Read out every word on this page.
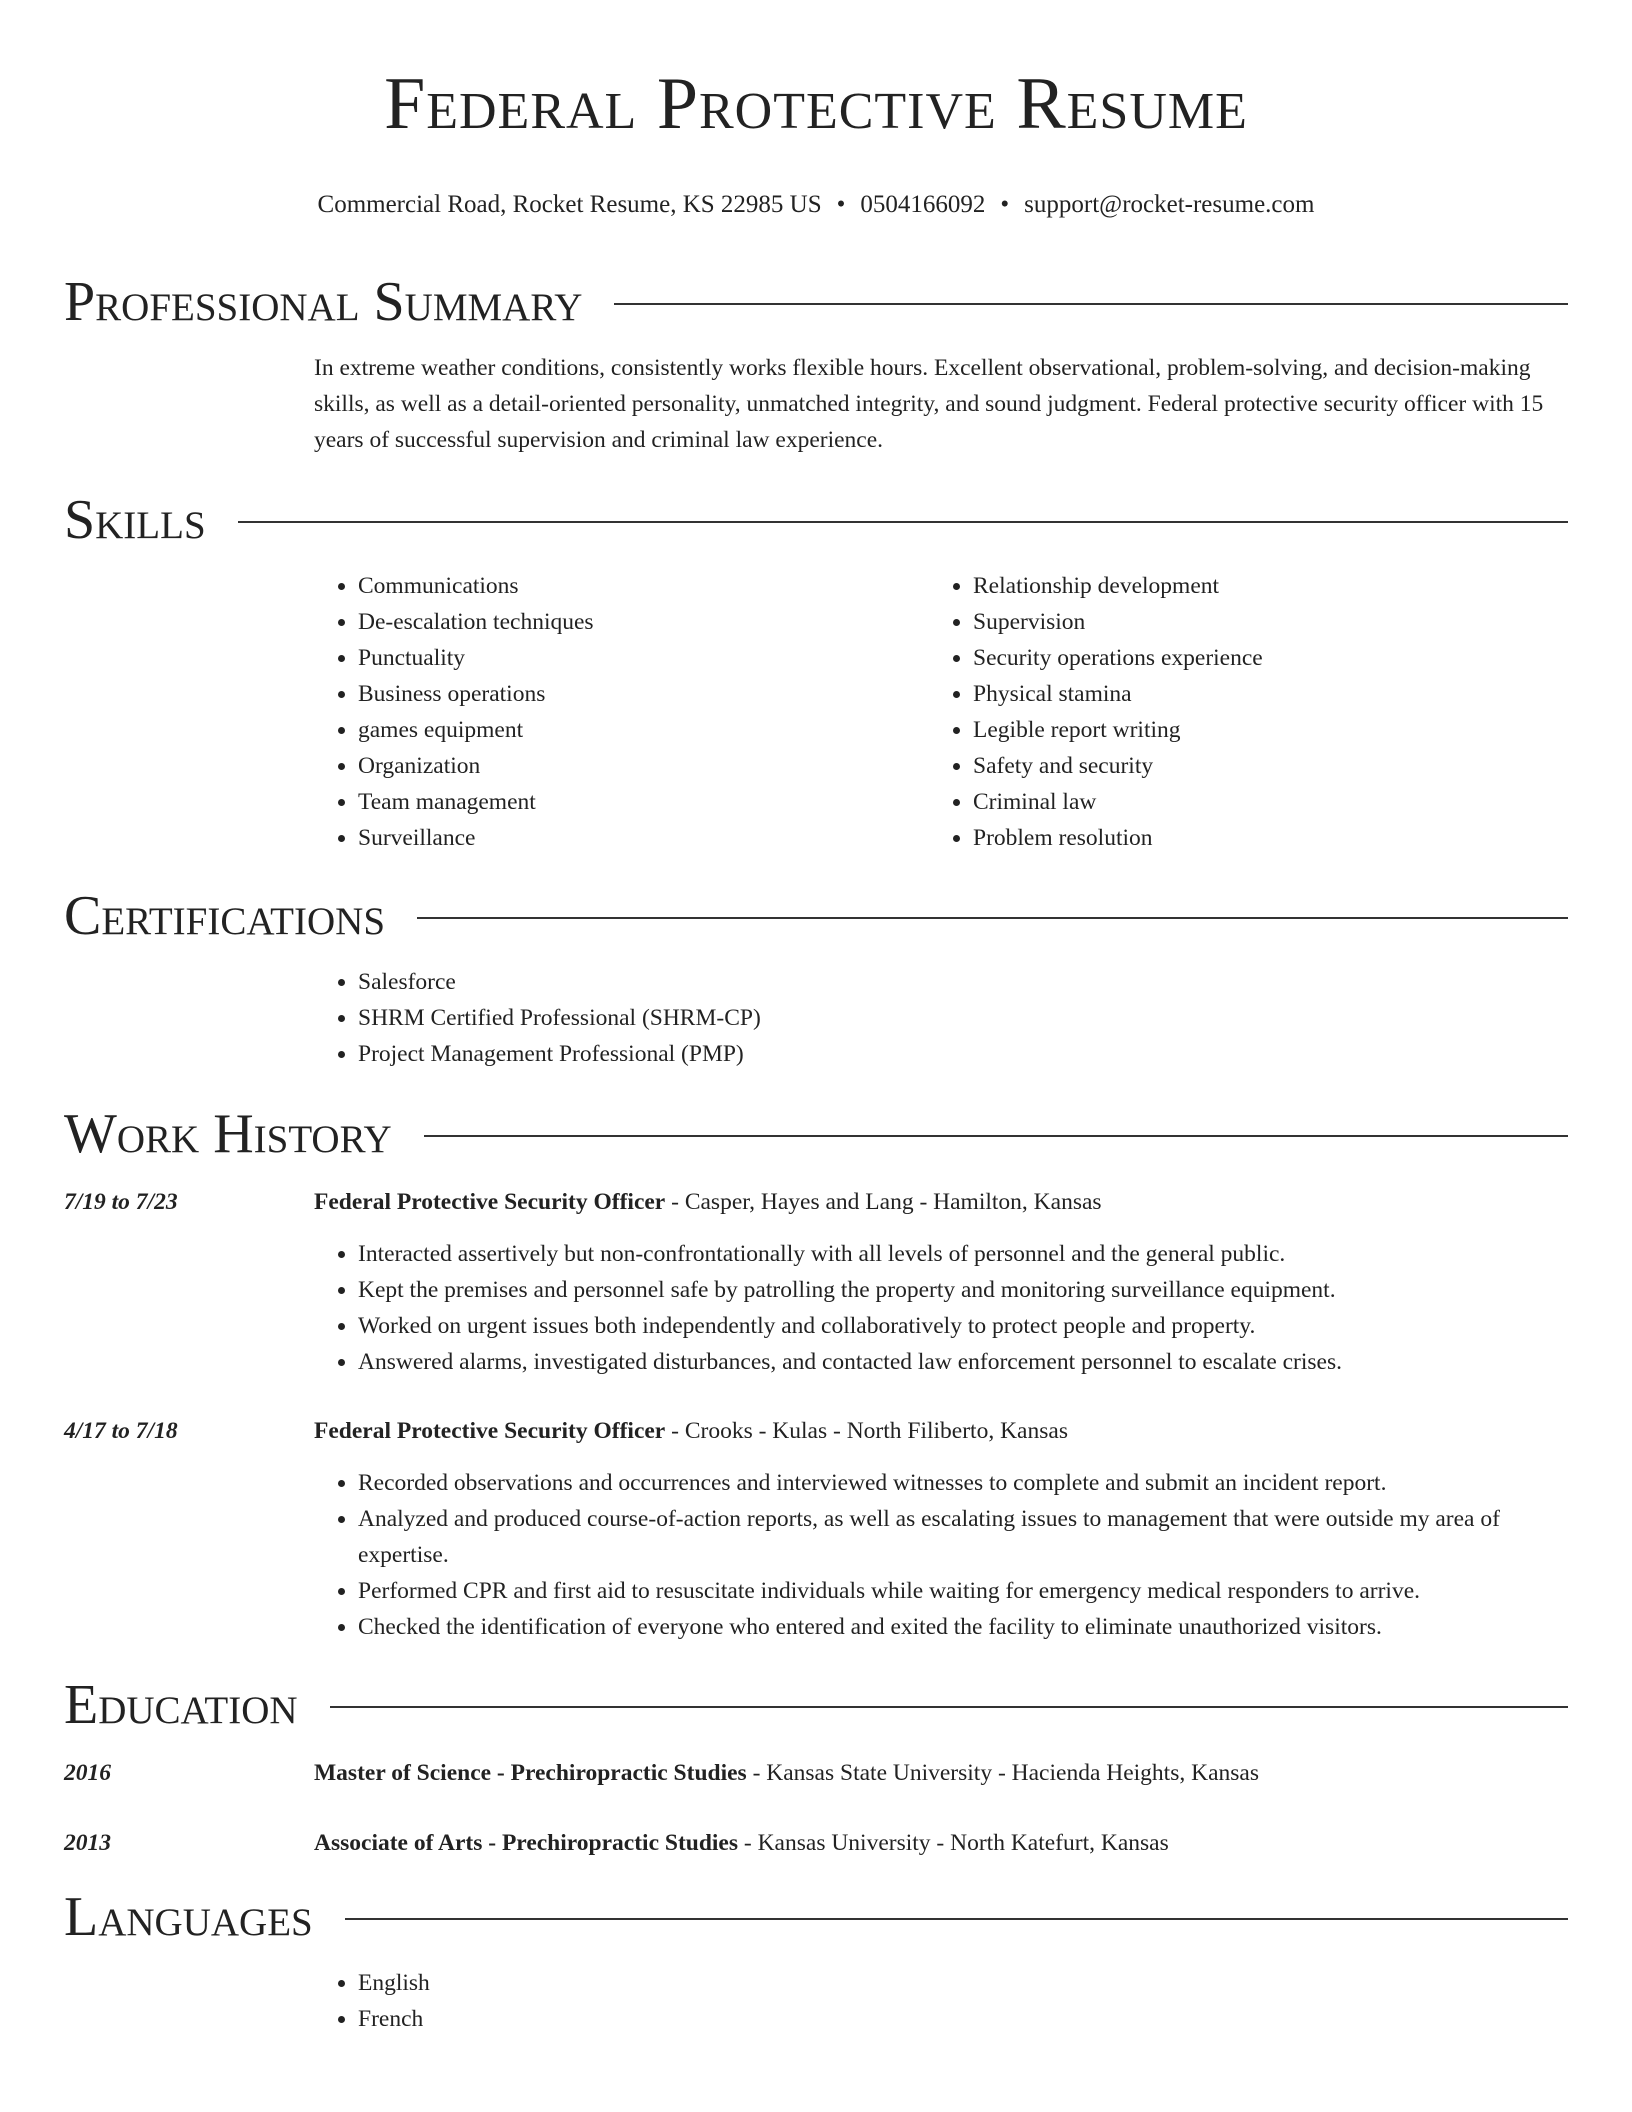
Federal Protective Resume
Commercial Road, Rocket Resume, KS 22985 US • 0504166092 • support@rocket-resume.com
Professional Summary

In extreme weather conditions, consistently works flexible hours. Excellent observational, problem-solving, and decision-making skills, as well as a detail-oriented personality, unmatched integrity, and sound judgment. Federal protective security officer with 15 years of successful supervision and criminal law experience.

Skills
• Communications
• De-escalation techniques
• Punctuality
• Business operations
• games equipment
• Organization
• Team management
• Surveillance
• Relationship development
• Supervision
• Security operations experience
• Physical stamina
• Legible report writing
• Safety and security
• Criminal law
• Problem resolution
Certifications
• Salesforce
• SHRM Certified Professional (SHRM-CP)
• Project Management Professional (PMP)
Work History
7/19 to 7/23	Federal Protective Security Officer - Casper, Hayes and Lang - Hamilton, Kansas
• Interacted assertively but non-confrontationally with all levels of personnel and the general public.
• Kept the premises and personnel safe by patrolling the property and monitoring surveillance equipment.
• Worked on urgent issues both independently and collaboratively to protect people and property.
• Answered alarms, investigated disturbances, and contacted law enforcement personnel to escalate crises.
4/17 to 7/18	Federal Protective Security Officer - Crooks - Kulas - North Filiberto, Kansas
• Recorded observations and occurrences and interviewed witnesses to complete and submit an incident report.
• Analyzed and produced course-of-action reports, as well as escalating issues to management that were outside my area of expertise.
• Performed CPR and first aid to resuscitate individuals while waiting for emergency medical responders to arrive.
• Checked the identification of everyone who entered and exited the facility to eliminate unauthorized visitors.
Education
2016	Master of Science - Prechiropractic Studies - Kansas State University - Hacienda Heights, Kansas
2013	Associate of Arts - Prechiropractic Studies - Kansas University - North Katefurt, Kansas
Languages
• English
• French
